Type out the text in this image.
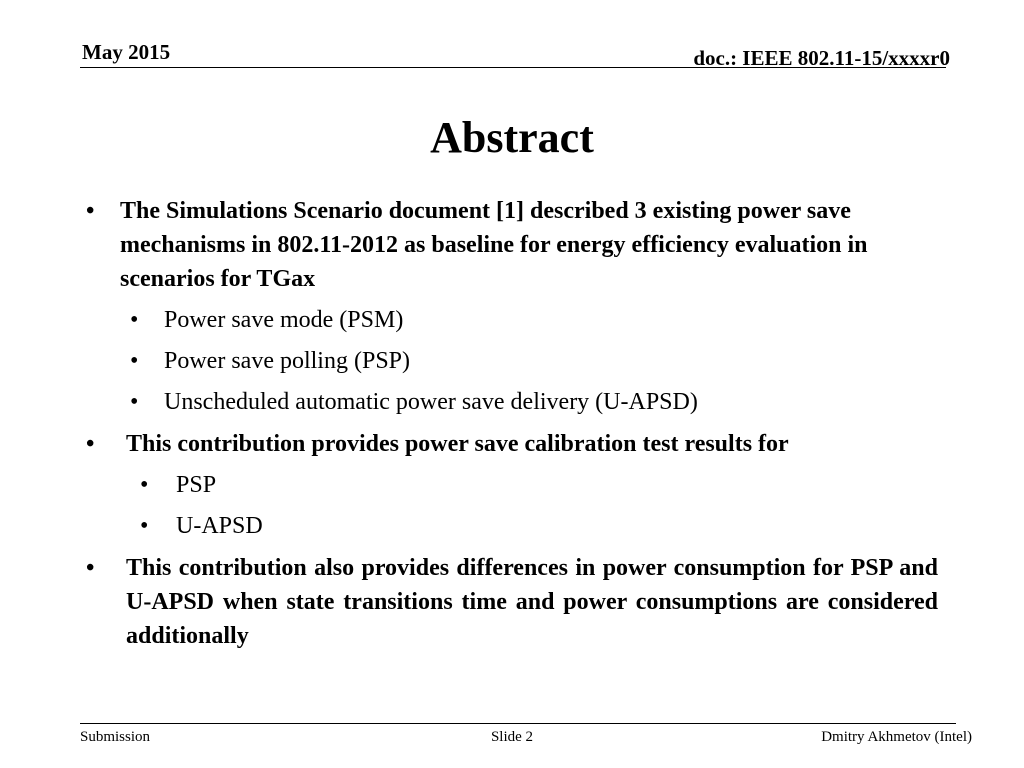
May 2015	doc.: IEEE 802.11-15/xxxxr0
Abstract
• The Simulations Scenario document [1] described 3 existing power save mechanisms in 802.11-2012 as baseline for energy efficiency evaluation in scenarios for TGax
• Power save mode (PSM)
• Power save polling (PSP)
• Unscheduled automatic power save delivery (U-APSD)
• This contribution provides power save calibration test results for
• PSP
• U-APSD
• This contribution also provides differences in power consumption for PSP and U-APSD when state transitions time and power consumptions are considered additionally
Submission	Slide 2	Dmitry Akhmetov (Intel)
